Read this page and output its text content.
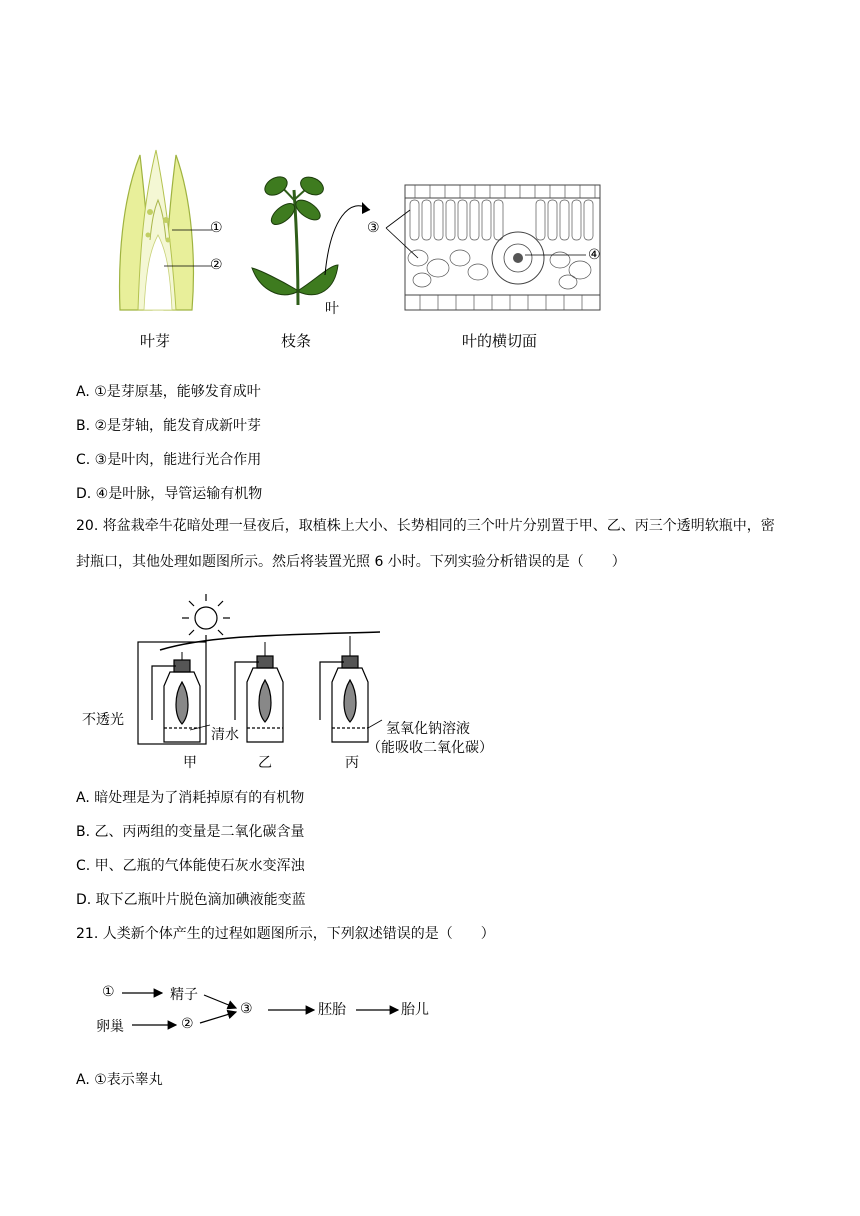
①
②
③
④
叶
叶芽	枝条	叶的横切面
A. ①是芽原基，能够发育成叶
B. ②是芽轴，能发育成新叶芽
C. ③是叶肉，能进行光合作用
D. ④是叶脉，导管运输有机物
20. 将盆栽牵牛花暗处理一昼夜后，取植株上大小、长势相同的三个叶片分别置于甲、乙、丙三个透明软瓶中，密封瓶口，其他处理如题图所示。然后将装置光照 6 小时。下列实验分析错误的是（　　）
不透光
清水	氢氧化钠溶液
（能吸收二氧化碳）
甲	乙	丙
A. 暗处理是为了消耗掉原有的有机物
B. 乙、丙两组的变量是二氧化碳含量
C. 甲、乙瓶的气体能使石灰水变浑浊
D. 取下乙瓶叶片脱色滴加碘液能变蓝
21. 人类新个体产生的过程如题图所示，下列叙述错误的是（　　）
①	精子
卵巢	②
③	胚胎	胎儿
A. ①表示睾丸
